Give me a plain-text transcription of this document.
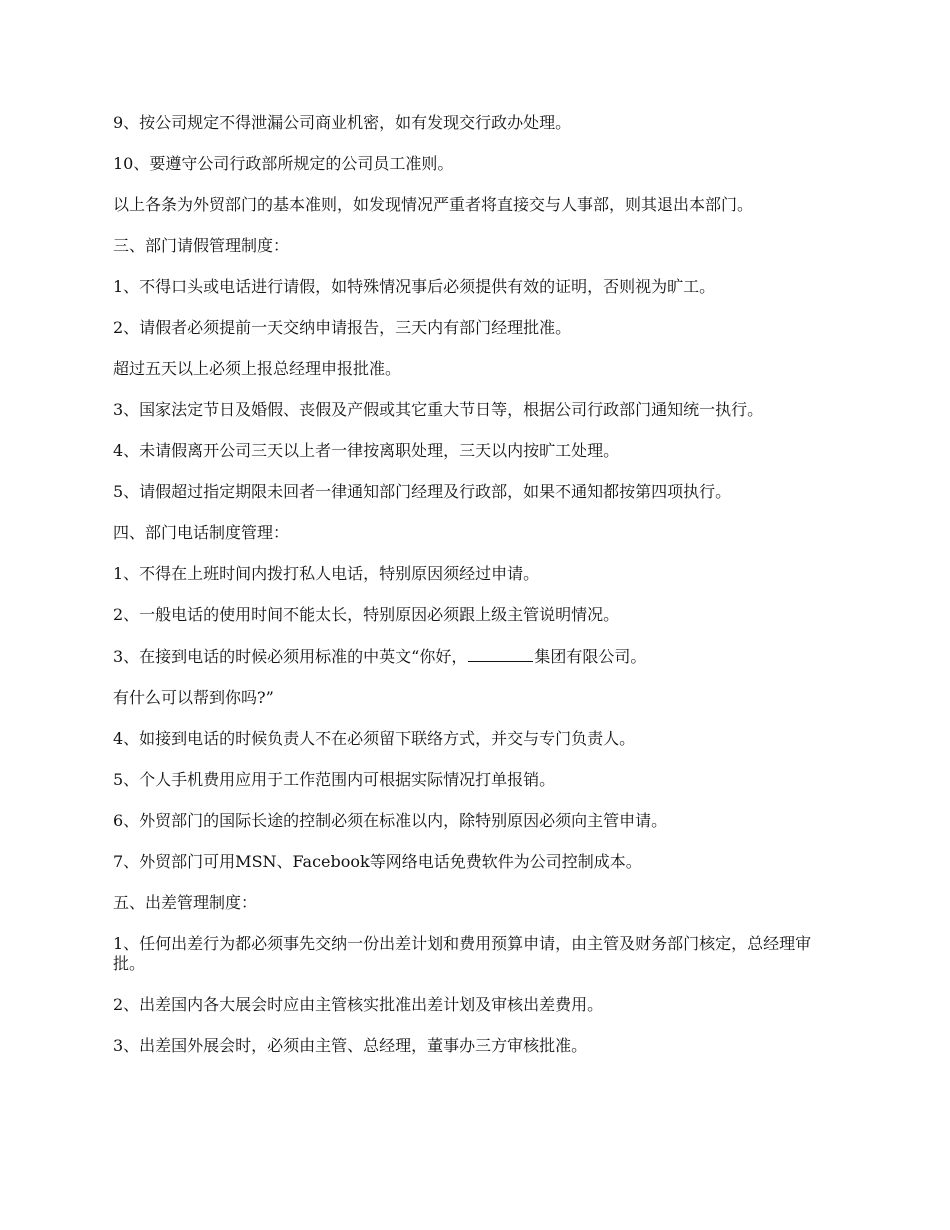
9、按公司规定不得泄漏公司商业机密，如有发现交行政办处理。

10、要遵守公司行政部所规定的公司员工准则。

以上各条为外贸部门的基本准则，如发现情况严重者将直接交与人事部，则其退出本部门。

三、部门请假管理制度：

1、不得口头或电话进行请假，如特殊情况事后必须提供有效的证明，否则视为旷工。

2、请假者必须提前一天交纳申请报告，三天内有部门经理批准。

超过五天以上必须上报总经理申报批准。

3、国家法定节日及婚假、丧假及产假或其它重大节日等，根据公司行政部门通知统一执行。

4、未请假离开公司三天以上者一律按离职处理，三天以内按旷工处理。

5、请假超过指定期限未回者一律通知部门经理及行政部，如果不通知都按第四项执行。

四、部门电话制度管理：

1、不得在上班时间内拨打私人电话，特别原因须经过申请。

2、一般电话的使用时间不能太长，特别原因必须跟上级主管说明情况。

3、在接到电话的时候必须用标准的中英文“你好，	集团有限公司。

有什么可以帮到你吗?”

4、如接到电话的时候负责人不在必须留下联络方式，并交与专门负责人。

5、个人手机费用应用于工作范围内可根据实际情况打单报销。

6、外贸部门的国际长途的控制必须在标准以内，除特别原因必须向主管申请。

7、外贸部门可用MSN、Facebook等网络电话免费软件为公司控制成本。

五、出差管理制度：

1、任何出差行为都必须事先交纳一份出差计划和费用预算申请，由主管及财务部门核定，总经理审批。

2、出差国内各大展会时应由主管核实批准出差计划及审核出差费用。

3、出差国外展会时，必须由主管、总经理，董事办三方审核批准。
